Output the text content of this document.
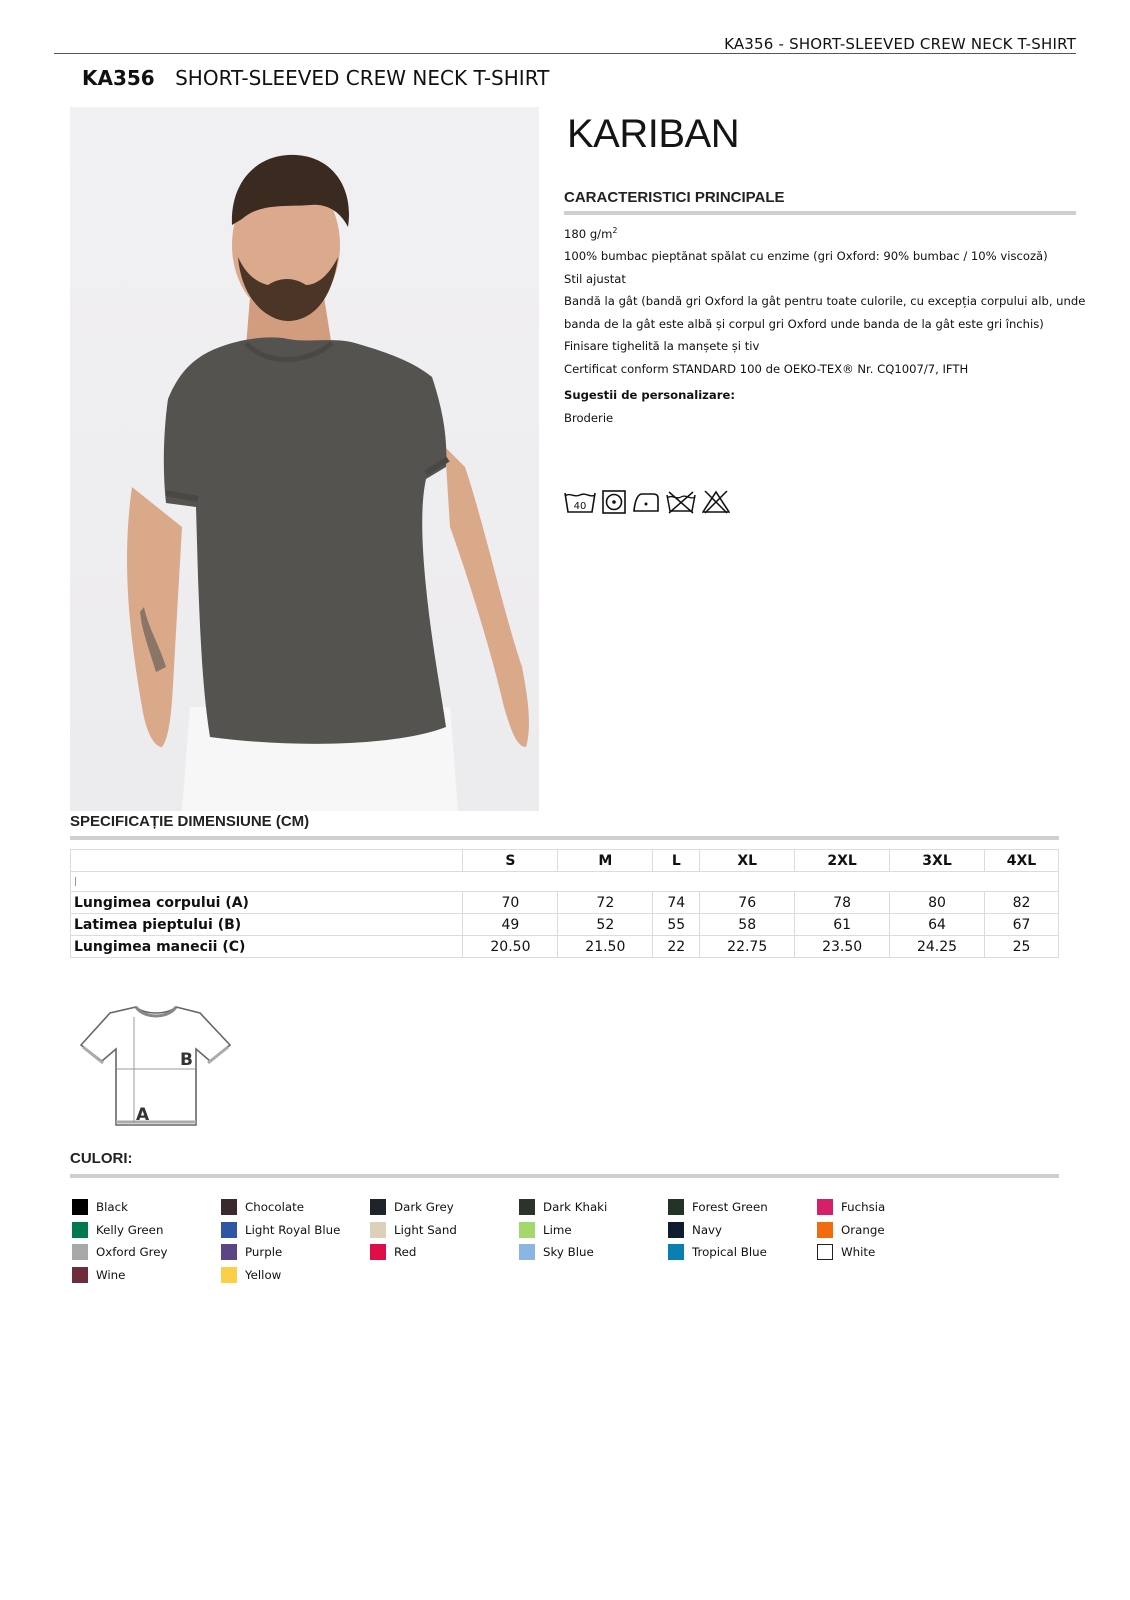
KA356 - SHORT-SLEEVED CREW NECK T-SHIRT
KA356 SHORT-SLEEVED CREW NECK T-SHIRT
KARIBAN
CARACTERISTICI PRINCIPALE
180 $g/m^2$
100% bumbac pieptănat spălat cu enzime (gri Oxford: 90% bumbac / 10% viscoză)
Stil ajustat
Bandă la gât (bandă gri Oxford la gât pentru toate culorile, cu excepția corpului alb, unde
banda de la gât este albă și corpul gri Oxford unde banda de la gât este gri închis)
Finisare tighelită la manșete și tiv
Certificat conform STANDARD 100 de OEKO-TEX® Nr. CQ1007/7, IFTH
Sugestii de personalizare:
Broderie
40
SPECIFICAȚIE DIMENSIUNE (CM)
	S	M	L	XL	2XL	3XL	4XL
|							
Lungimea corpului (A)	70	72	74	76	78	80	82
Latimea pieptului (B)	49	52	55	58	61	64	67
Lungimea manecii (C)	20.50	21.50	22	22.75	23.50	24.25	25
B
A
CULORI:
Black	Chocolate	Dark Grey	Dark Khaki	Forest Green	Fuchsia
Kelly Green	Light Royal Blue	Light Sand	Lime	Navy	Orange
Oxford Grey	Purple	Red	Sky Blue	Tropical Blue	White
Wine	Yellow
